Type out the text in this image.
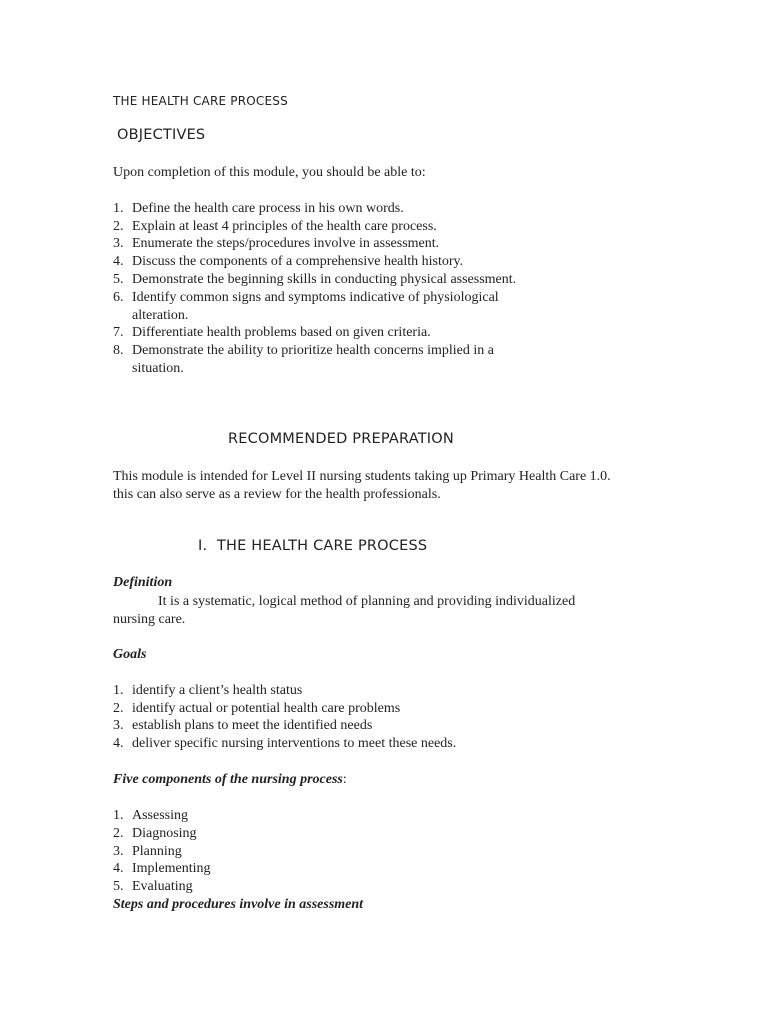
THE HEALTH CARE PROCESS
OBJECTIVES
Upon completion of this module, you should be able to:
1. Define the health care process in his own words.
2. Explain at least 4 principles of the health care process.
3. Enumerate the steps/procedures involve in assessment.
4. Discuss the components of a comprehensive health history.
5. Demonstrate the beginning skills in conducting physical assessment.
6. Identify common signs and symptoms indicative of physiological
alteration.
7. Differentiate health problems based on given criteria.
8. Demonstrate the ability to prioritize health concerns implied in a
situation.
RECOMMENDED PREPARATION
This module is intended for Level II nursing students taking up Primary Health Care 1.0.
this can also serve as a review for the health professionals.
I.  THE HEALTH CARE PROCESS
Definition
It is a systematic, logical method of planning and providing individualized
nursing care.
Goals
1. identify a client’s health status
2. identify actual or potential health care problems
3. establish plans to meet the identified needs
4. deliver specific nursing interventions to meet these needs.
Five components of the nursing process:
1. Assessing
2. Diagnosing
3. Planning
4. Implementing
5. Evaluating
Steps and procedures involve in assessment
